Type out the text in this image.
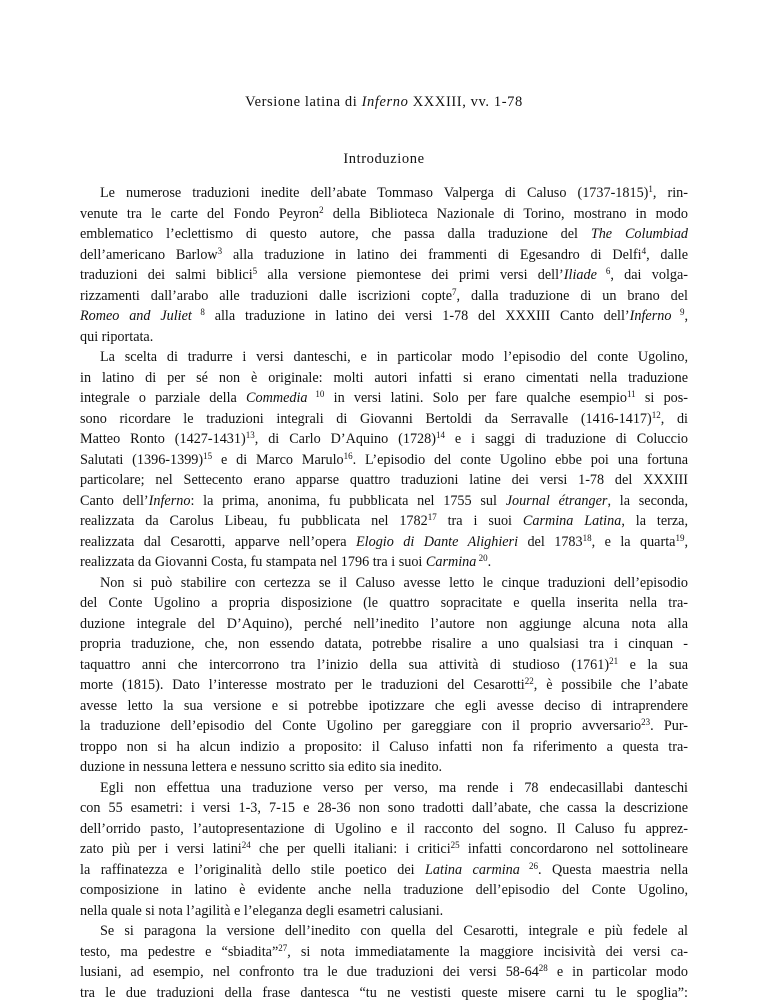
Versione latina di Inferno XXXIII, vv. 1-78
Introduzione
Le numerose traduzioni inedite dell’abate Tommaso Valperga di Caluso (1737-1815)$^1$, rin-
venute tra le carte del Fondo Peyron$^2$ della Biblioteca Nazionale di Torino, mostrano in modo
emblematico l’eclettismo di questo autore, che passa dalla traduzione del The Columbiad
dell’americano Barlow$^3$ alla traduzione in latino dei frammenti di Egesandro di Delfi$^4$, dalle
traduzioni dei salmi biblici$^5$ alla versione piemontese dei primi versi dell’Iliade $^6$, dai volga-
rizzamenti dall’arabo alle traduzioni dalle iscrizioni copte$^7$, dalla traduzione di un brano del
Romeo and Juliet $^8$ alla traduzione in latino dei versi 1-78 del XXXIII Canto dell’Inferno $^9$,
qui riportata.
La scelta di tradurre i versi danteschi, e in particolar modo l’episodio del conte Ugolino,
in latino di per sé non è originale: molti autori infatti si erano cimentati nella traduzione
integrale o parziale della Commedia $^{10}$ in versi latini. Solo per fare qualche esempio$^{11}$ si pos-
sono ricordare le traduzioni integrali di Giovanni Bertoldi da Serravalle (1416-1417)$^{12}$, di
Matteo Ronto (1427-1431)$^{13}$, di Carlo D’Aquino $(1728)^{14}$ e i saggi di traduzione di Coluccio
Salutati (1396-1399)$^{15}$ e di Marco Marulo$^{16}$. L’episodio del conte Ugolino ebbe poi una fortuna
particolare; nel Settecento erano apparse quattro traduzioni latine dei versi 1-78 del XXXIII
Canto dell’Inferno: la prima, anonima, fu pubblicata nel 1755 sul Journal étranger, la seconda,
realizzata da Carolus Libeau, fu pubblicata nel 1782$^{17}$ tra i suoi Carmina Latina, la terza,
realizzata dal Cesarotti, apparve nell’opera Elogio di Dante Alighieri del 1783$^{18}$, e la quarta$^{19}$,
realizzata da Giovanni Costa, fu stampata nel 1796 tra i suoi Carmina $^{20}$.
Non si può stabilire con certezza se il Caluso avesse letto le cinque traduzioni dell’episodio
del Conte Ugolino a propria disposizione (le quattro sopracitate e quella inserita nella tra-
duzione integrale del D’Aquino), perché nell’inedito l’autore non aggiunge alcuna nota alla
propria traduzione, che, non essendo datata, potrebbe risalire a uno qualsiasi tra i cinquan -
taquattro anni che intercorrono tra l’inizio della sua attività di studioso $(1761)^{21}$ e la sua
morte (1815). Dato l’interesse mostrato per le traduzioni del Cesarotti$^{22}$, è possibile che l’abate
avesse letto la sua versione e si potrebbe ipotizzare che egli avesse deciso di intraprendere
la traduzione dell’episodio del Conte Ugolino per gareggiare con il proprio avversario$^{23}$. Pur-
troppo non si ha alcun indizio a proposito: il Caluso infatti non fa riferimento a questa tra-
duzione in nessuna lettera e nessuno scritto sia edito sia inedito.
Egli non effettua una traduzione verso per verso, ma rende i 78 endecasillabi danteschi
con 55 esametri: i versi 1-3, 7-15 e 28-36 non sono tradotti dall’abate, che cassa la descrizione
dell’orrido pasto, l’autopresentazione di Ugolino e il racconto del sogno. Il Caluso fu apprez-
zato più per i versi latini$^{24}$ che per quelli italiani: i critici$^{25}$ infatti concordarono nel sottolineare
la raffinatezza e l’originalità dello stile poetico dei Latina carmina $^{26}$. Questa maestria nella
composizione in latino è evidente anche nella traduzione dell’episodio del Conte Ugolino,
nella quale si nota l’agilità e l’eleganza degli esametri calusiani.
Se si paragona la versione dell’inedito con quella del Cesarotti, integrale e più fedele al
testo, ma pedestre e “sbiadita”$^{27}$, si nota immediatamente la maggiore incisività dei versi ca-
lusiani, ad esempio, nel confronto tra le due traduzioni dei versi $58-64^{28}$ e in particolar modo
tra le due traduzioni della frase dantesca “tu ne vestisti queste misere carni tu le spoglia”:
